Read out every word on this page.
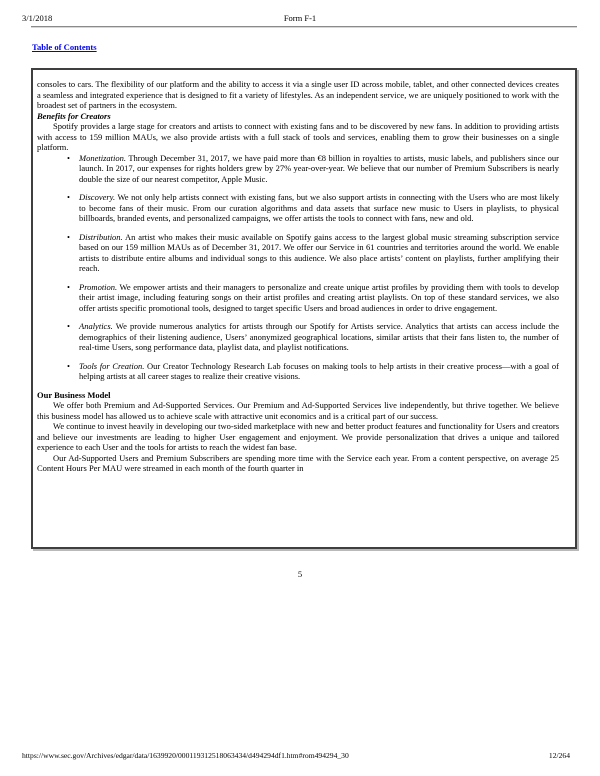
3/1/2018	Form F-1
Table of Contents

consoles to cars. The flexibility of our platform and the ability to access it via a single user ID across mobile, tablet, and other connected devices creates a seamless and integrated experience that is designed to fit a variety of lifestyles. As an independent service, we are uniquely positioned to work with the broadest set of partners in the ecosystem.

Benefits for Creators

Spotify provides a large stage for creators and artists to connect with existing fans and to be discovered by new fans. In addition to providing artists with access to 159 million MAUs, we also provide artists with a full stack of tools and services, enabling them to grow their businesses on a single platform.

• Monetization. Through December 31, 2017, we have paid more than €8 billion in royalties to artists, music labels, and publishers since our launch. In 2017, our expenses for rights holders grew by 27% year-over-year. We believe that our number of Premium Subscribers is nearly double the size of our nearest competitor, Apple Music.
• Discovery. We not only help artists connect with existing fans, but we also support artists in connecting with the Users who are most likely to become fans of their music. From our curation algorithms and data assets that surface new music to Users in playlists, to physical billboards, branded events, and personalized campaigns, we offer artists the tools to connect with fans, new and old.
• Distribution. An artist who makes their music available on Spotify gains access to the largest global music streaming subscription service based on our 159 million MAUs as of December 31, 2017. We offer our Service in 61 countries and territories around the world. We enable artists to distribute entire albums and individual songs to this audience. We also place artists’ content on playlists, further amplifying their reach.
• Promotion. We empower artists and their managers to personalize and create unique artist profiles by providing them with tools to develop their artist image, including featuring songs on their artist profiles and creating artist playlists. On top of these standard services, we also offer artists specific promotional tools, designed to target specific Users and broad audiences in order to drive engagement.
• Analytics. We provide numerous analytics for artists through our Spotify for Artists service. Analytics that artists can access include the demographics of their listening audience, Users’ anonymized geographical locations, similar artists that their fans listen to, the number of real-time Users, song performance data, playlist data, and playlist notifications.
• Tools for Creation. Our Creator Technology Research Lab focuses on making tools to help artists in their creative process—with a goal of helping artists at all career stages to realize their creative visions.
Our Business Model

We offer both Premium and Ad-Supported Services. Our Premium and Ad-Supported Services live independently, but thrive together. We believe this business model has allowed us to achieve scale with attractive unit economics and is a critical part of our success.

We continue to invest heavily in developing our two-sided marketplace with new and better product features and functionality for Users and creators and believe our investments are leading to higher User engagement and enjoyment. We provide personalization that drives a unique and tailored experience to each User and the tools for artists to reach the widest fan base.

Our Ad-Supported Users and Premium Subscribers are spending more time with the Service each year. From a content perspective, on average 25 Content Hours Per MAU were streamed in each month of the fourth quarter in

5
https://www.sec.gov/Archives/edgar/data/1639920/000119312518063434/d494294df1.htm#rom494294_30	12/264
